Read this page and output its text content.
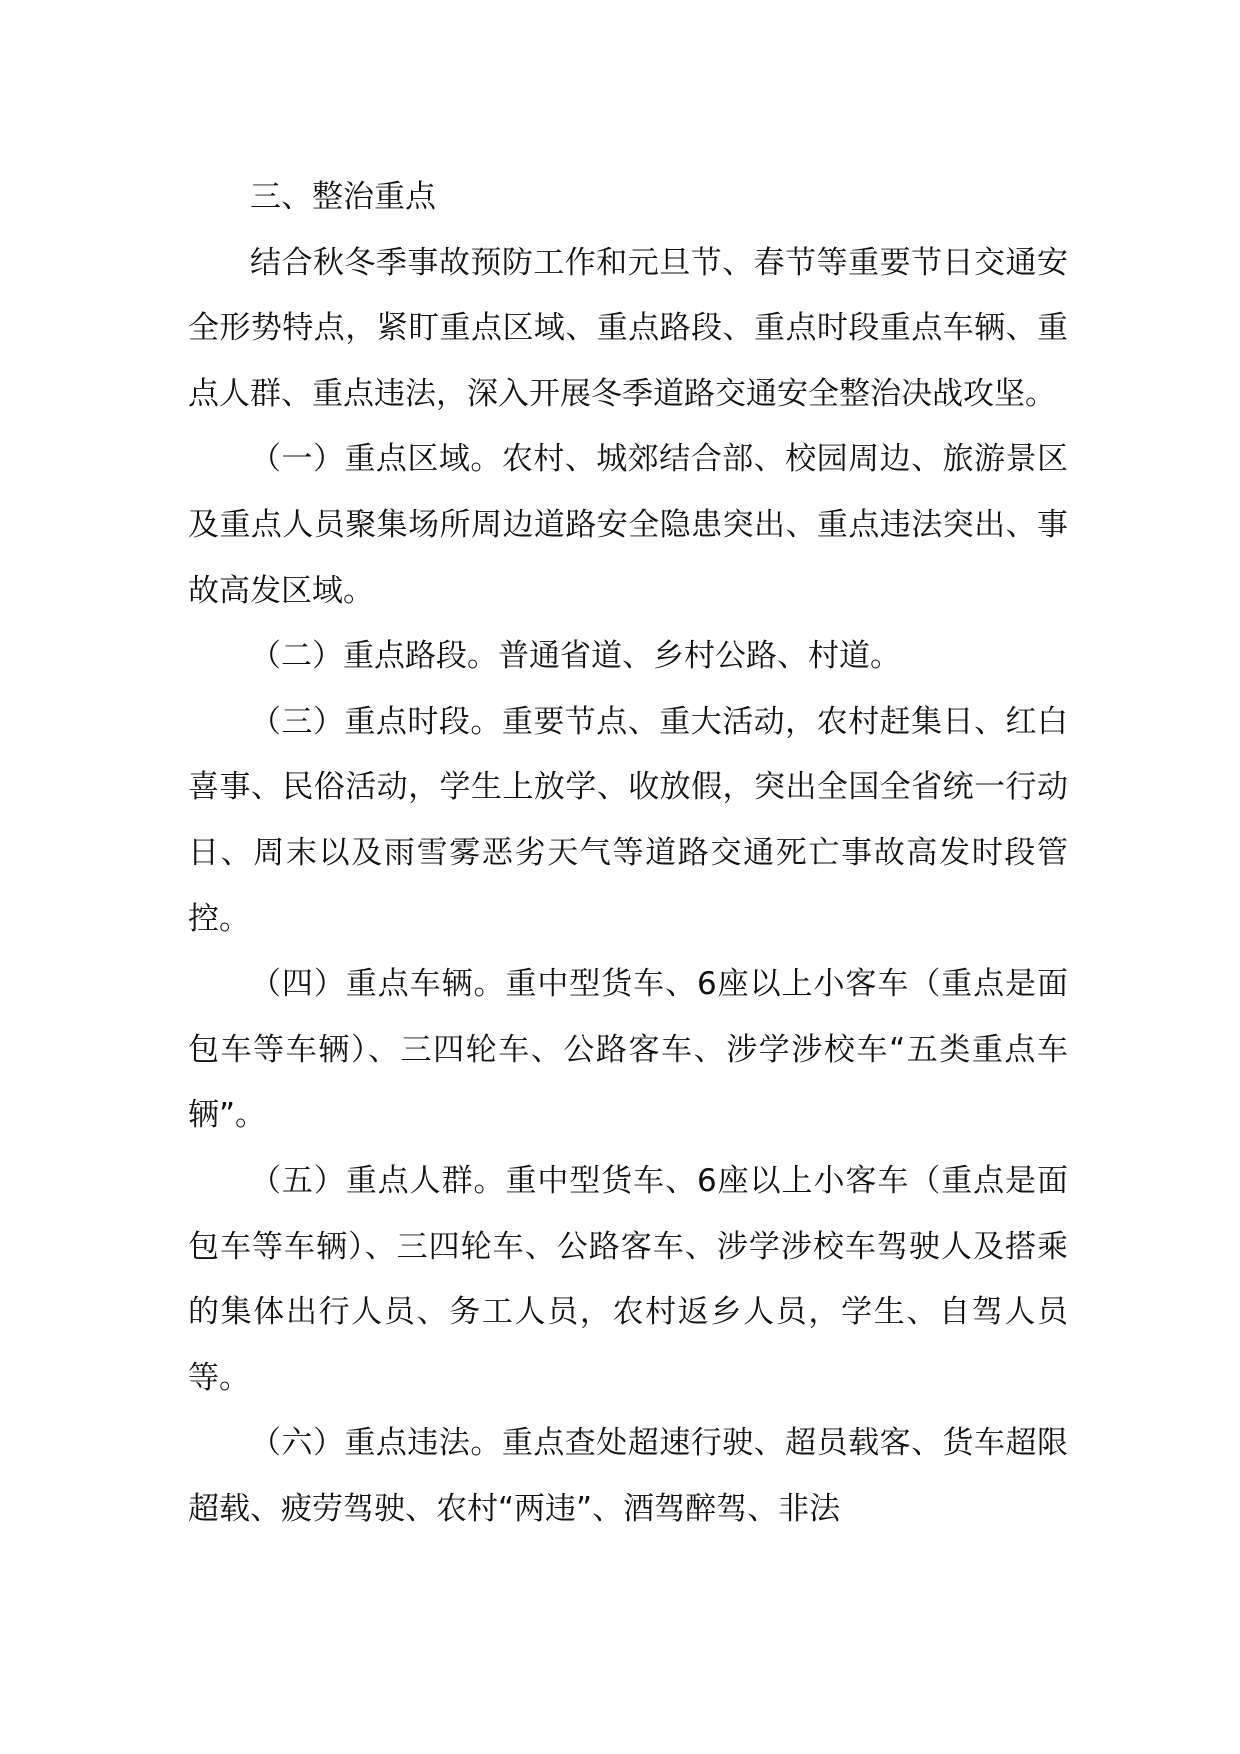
三、整治重点

结合秋冬季事故预防工作和元旦节、春节等重要节日交通安全形势特点，紧盯重点区域、重点路段、重点时段重点车辆、重点人群、重点违法，深入开展冬季道路交通安全整治决战攻坚。

（一）重点区域。农村、城郊结合部、校园周边、旅游景区及重点人员聚集场所周边道路安全隐患突出、重点违法突出、事故高发区域。

（二）重点路段。普通省道、乡村公路、村道。

（三）重点时段。重要节点、重大活动，农村赶集日、红白喜事、民俗活动，学生上放学、收放假，突出全国全省统一行动日、周末以及雨雪雾恶劣天气等道路交通死亡事故高发时段管控。

（四）重点车辆。重中型货车、6座以上小客车（重点是面包车等车辆）、三四轮车、公路客车、涉学涉校车“五类重点车辆”。

（五）重点人群。重中型货车、6座以上小客车（重点是面包车等车辆）、三四轮车、公路客车、涉学涉校车驾驶人及搭乘的集体出行人员、务工人员，农村返乡人员，学生、自驾人员等。

（六）重点违法。重点查处超速行驶、超员载客、货车超限超载、疲劳驾驶、农村“两违”、酒驾醉驾、非法
